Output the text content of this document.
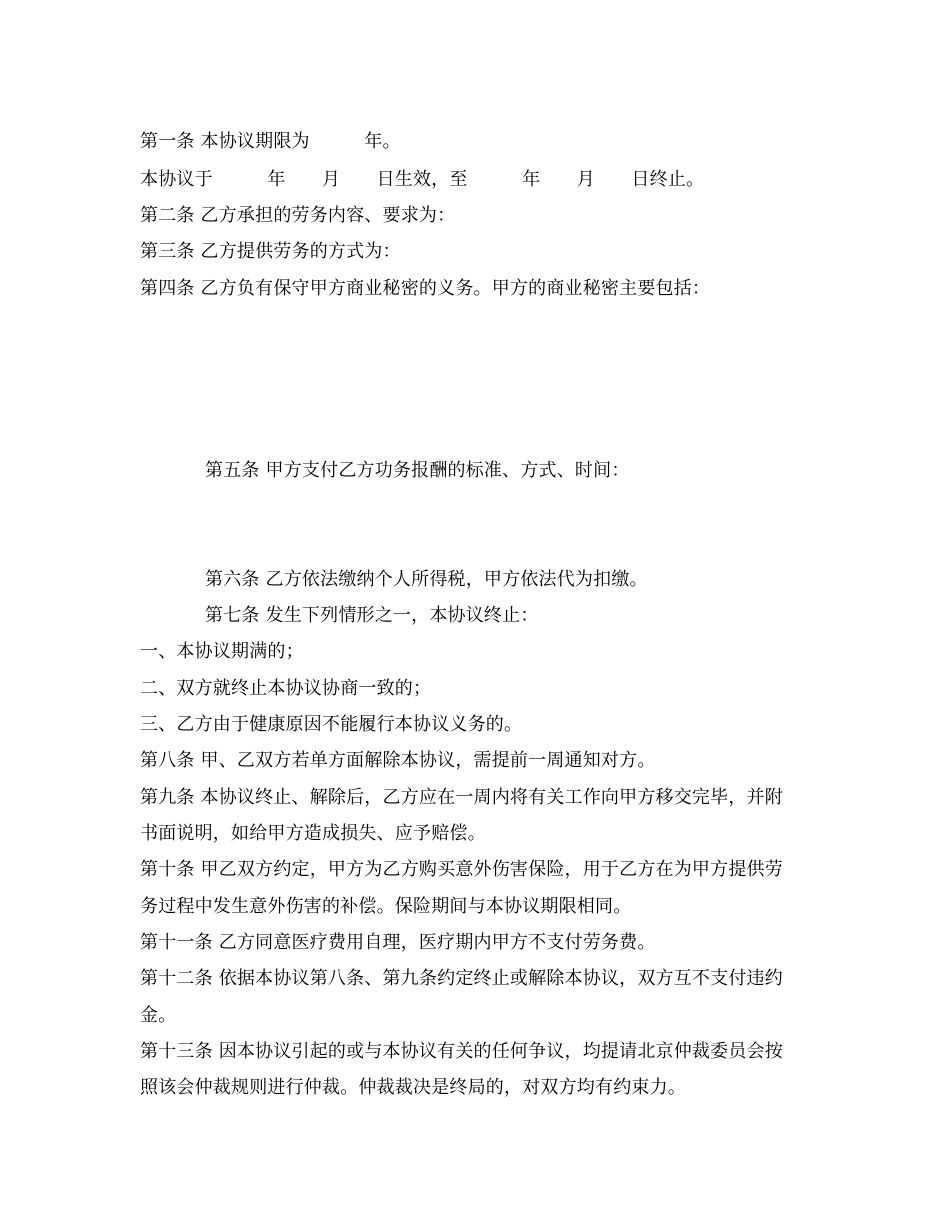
第一条 本协议期限为　　　年。
本协议于　　　年　　月　　日生效，至　　　年　　月　　日终止。
第二条 乙方承担的劳务内容、要求为：
第三条 乙方提供劳务的方式为：
第四条 乙方负有保守甲方商业秘密的义务。甲方的商业秘密主要包括：
第五条 甲方支付乙方功务报酬的标准、方式、时间：
第六条 乙方依法缴纳个人所得税，甲方依法代为扣缴。
第七条 发生下列情形之一，本协议终止：
一、本协议期满的；
二、双方就终止本协议协商一致的；
三、乙方由于健康原因不能履行本协议义务的。
第八条 甲、乙双方若单方面解除本协议，需提前一周通知对方。
第九条 本协议终止、解除后，乙方应在一周内将有关工作向甲方移交完毕，并附
书面说明，如给甲方造成损失、应予赔偿。
第十条 甲乙双方约定，甲方为乙方购买意外伤害保险，用于乙方在为甲方提供劳
务过程中发生意外伤害的补偿。保险期间与本协议期限相同。
第十一条 乙方同意医疗费用自理，医疗期内甲方不支付劳务费。
第十二条 依据本协议第八条、第九条约定终止或解除本协议，双方互不支付违约
金。
第十三条 因本协议引起的或与本协议有关的任何争议，均提请北京仲裁委员会按
照该会仲裁规则进行仲裁。仲裁裁决是终局的，对双方均有约束力。
